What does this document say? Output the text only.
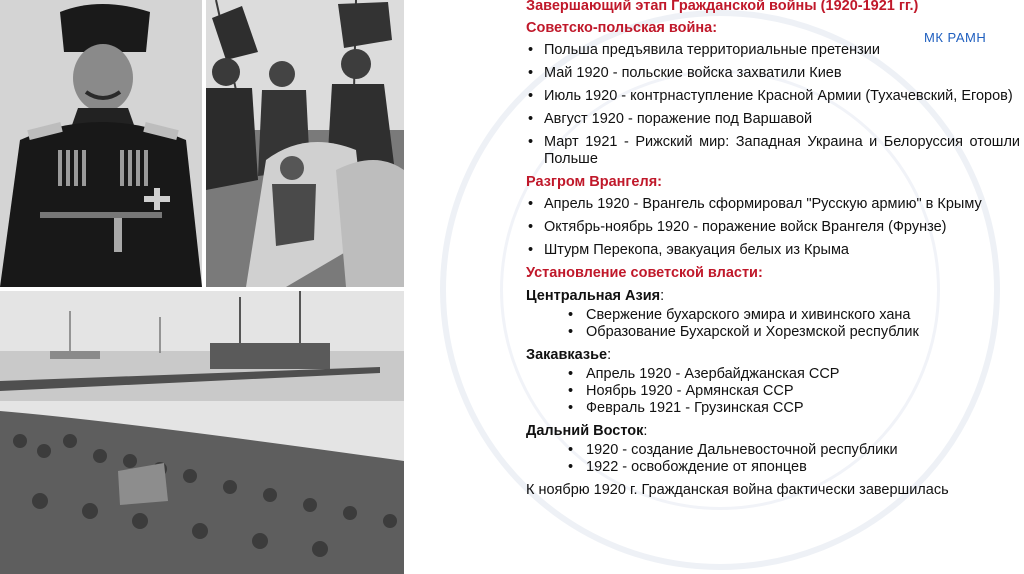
МК РАМН
Завершающий этап Гражданской войны (1920-1921 гг.)
Советско-польская война:
• Польша предъявила территориальные претензии
• Май 1920 - польские войска захватили Киев
• Июль 1920 - контрнаступление Красной Армии (Тухачевский, Егоров)
• Август 1920 - поражение под Варшавой
• Март 1921 - Рижский мир: Западная Украина и Белоруссия отошли Польше
Разгром Врангеля:
• Апрель 1920 - Врангель сформировал "Русскую армию" в Крыму
• Октябрь-ноябрь 1920 - поражение войск Врангеля (Фрунзе)
• Штурм Перекопа, эвакуация белых из Крыма
Установление советской власти:
Центральная Азия:
• Свержение бухарского эмира и хивинского хана
• Образование Бухарской и Хорезмской республик
Закавказье:
• Апрель 1920 - Азербайджанская ССР
• Ноябрь 1920 - Армянская ССР
• Февраль 1921 - Грузинская ССР
Дальний Восток:
• 1920 - создание Дальневосточной республики
• 1922 - освобождение от японцев
К ноябрю 1920 г. Гражданская война фактически завершилась
